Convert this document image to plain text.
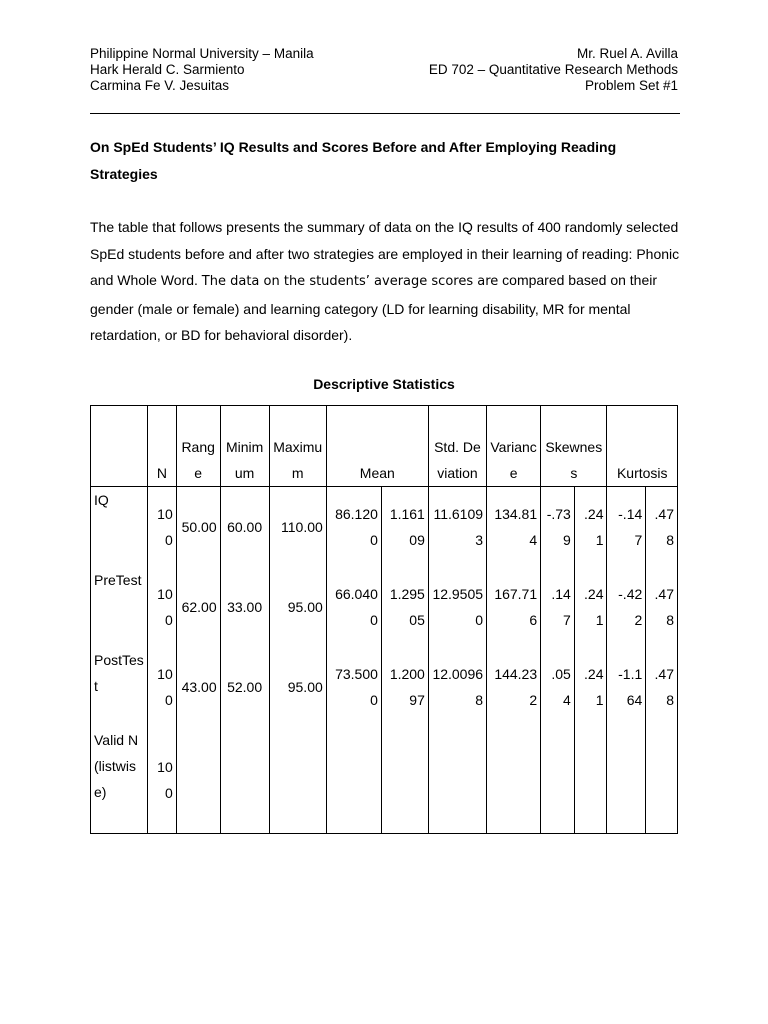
Philippine Normal University – Manila
Hark Herald C. Sarmiento
Carmina Fe V. Jesuitas
Mr. Ruel A. Avilla
ED 702 – Quantitative Research Methods
Problem Set #1
On SpEd Students’ IQ Results and Scores Before and After Employing Reading Strategies
The table that follows presents the summary of data on the IQ results of 400 randomly selected SpEd students before and after two strategies are employed in their learning of reading: Phonic and Whole Word. The data on the students’ average scores are compared based on their gender (male or female) and learning category (LD for learning disability, MR for mental retardation, or BD for behavioral disorder).
Descriptive Statistics
	N	Range	Minimum	Maximum	Mean		Std. Deviation	Variance	Skewness		Kurtosis	
IQ	100	50.00	60.00	110.00	86.1200	1.16109	11.61093	134.814	-.739	.241	-.147	.478
PreTest	100	62.00	33.00	95.00	66.0400	1.29505	12.95050	167.716	.147	.241	-.422	.478
PostTest	100	43.00	52.00	95.00	73.5000	1.20097	12.00968	144.232	.054	.241	-1.164	.478
Valid N (listwise)	100											
